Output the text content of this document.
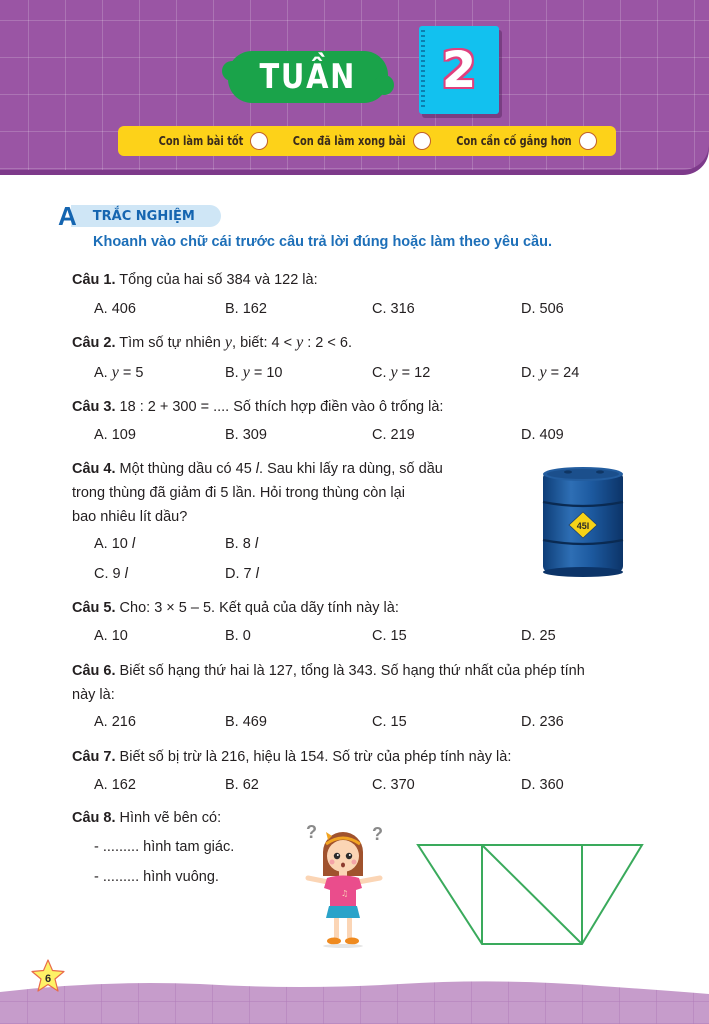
TUẦN 2
Con làm bài tốt	Con đã làm xong bài	Con cần cố gắng hơn
A	TRẮC NGHIỆM
Khoanh vào chữ cái trước câu trả lời đúng hoặc làm theo yêu cầu.
Câu 1. Tổng của hai số 384 và 122 là:
A. 406	B. 162	C. 316	D. 506
Câu 2. Tìm số tự nhiên y, biết: 4 < y : 2 < 6.
A. y = 5	B. y = 10	C. y = 12	D. y = 24
Câu 3. 18 : 2 + 300 = .... Số thích hợp điền vào ô trống là:
A. 109	B. 309	C. 219	D. 409
Câu 4. Một thùng dầu có 45 l. Sau khi lấy ra dùng, số dầu
trong thùng đã giảm đi 5 lần. Hỏi trong thùng còn lại
bao nhiêu lít dầu?
A. 10 l	B. 8 l
C. 9 l	D. 7 l
45l
Câu 5. Cho: 3 × 5 – 5. Kết quả của dãy tính này là:
A. 10	B. 0	C. 15	D. 25
Câu 6. Biết số hạng thứ hai là 127, tổng là 343. Số hạng thứ nhất của phép tính
này là:
A. 216	B. 469	C. 15	D. 236
Câu 7. Biết số bị trừ là 216, hiệu là 154. Số trừ của phép tính này là:
A. 162	B. 62	C. 370	D. 360
Câu 8. Hình vẽ bên có:
- ......... hình tam giác.
- ......... hình vuông.
?	?
♫
6
